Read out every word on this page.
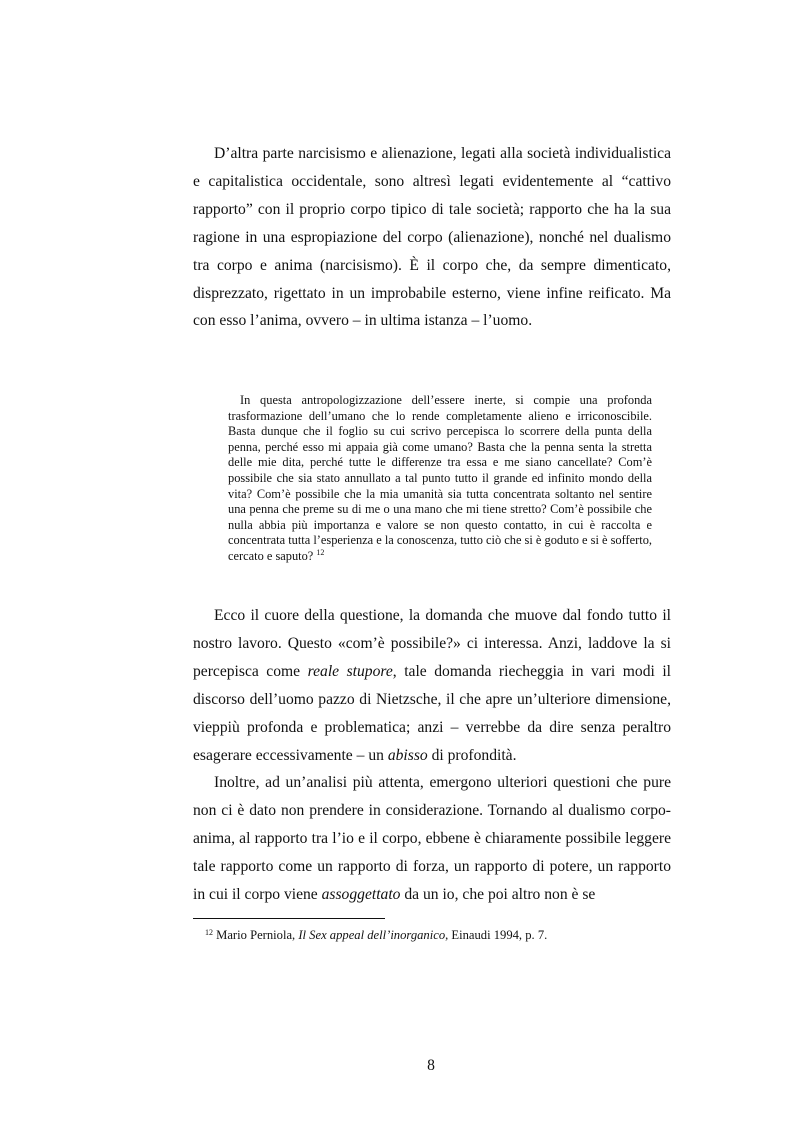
D’altra parte narcisismo e alienazione, legati alla società individualistica e capitalistica occidentale, sono altresì legati evidentemente al “cattivo rapporto” con il proprio corpo tipico di tale società; rapporto che ha la sua ragione in una espropiazione del corpo (alienazione), nonché nel dualismo tra corpo e anima (narcisismo). È il corpo che, da sempre dimenticato, disprezzato, rigettato in un improbabile esterno, viene infine reificato. Ma con esso l’anima, ovvero – in ultima istanza – l’uomo.

In questa antropologizzazione dell’essere inerte, si compie una profonda trasformazione dell’umano che lo rende completamente alieno e irriconoscibile. Basta dunque che il foglio su cui scrivo percepisca lo scorrere della punta della penna, perché esso mi appaia già come umano? Basta che la penna senta la stretta delle mie dita, perché tutte le differenze tra essa e me siano cancellate? Com’è possibile che sia stato annullato a tal punto tutto il grande ed infinito mondo della vita? Com’è possibile che la mia umanità sia tutta concentrata soltanto nel sentire una penna che preme su di me o una mano che mi tiene stretto? Com’è possibile che nulla abbia più importanza e valore se non questo contatto, in cui è raccolta e concentrata tutta l’esperienza e la conoscenza, tutto ciò che si è goduto e si è sofferto, cercato e saputo? $^{12}$

Ecco il cuore della questione, la domanda che muove dal fondo tutto il nostro lavoro. Questo «com’è possibile?» ci interessa. Anzi, laddove la si percepisca come reale stupore, tale domanda riecheggia in vari modi il discorso dell’uomo pazzo di Nietzsche, il che apre un’ulteriore dimensione, vieppiù profonda e problematica; anzi – verrebbe da dire senza peraltro esagerare eccessivamente – un abisso di profondità.

Inoltre, ad un’analisi più attenta, emergono ulteriori questioni che pure non ci è dato non prendere in considerazione. Tornando al dualismo corpo-anima, al rapporto tra l’io e il corpo, ebbene è chiaramente possibile leggere tale rapporto come un rapporto di forza, un rapporto di potere, un rapporto in cui il corpo viene assoggettato da un io, che poi altro non è se

$^{12}$ Mario Perniola, Il Sex appeal dell’inorganico, Einaudi 1994, p. 7.

8
